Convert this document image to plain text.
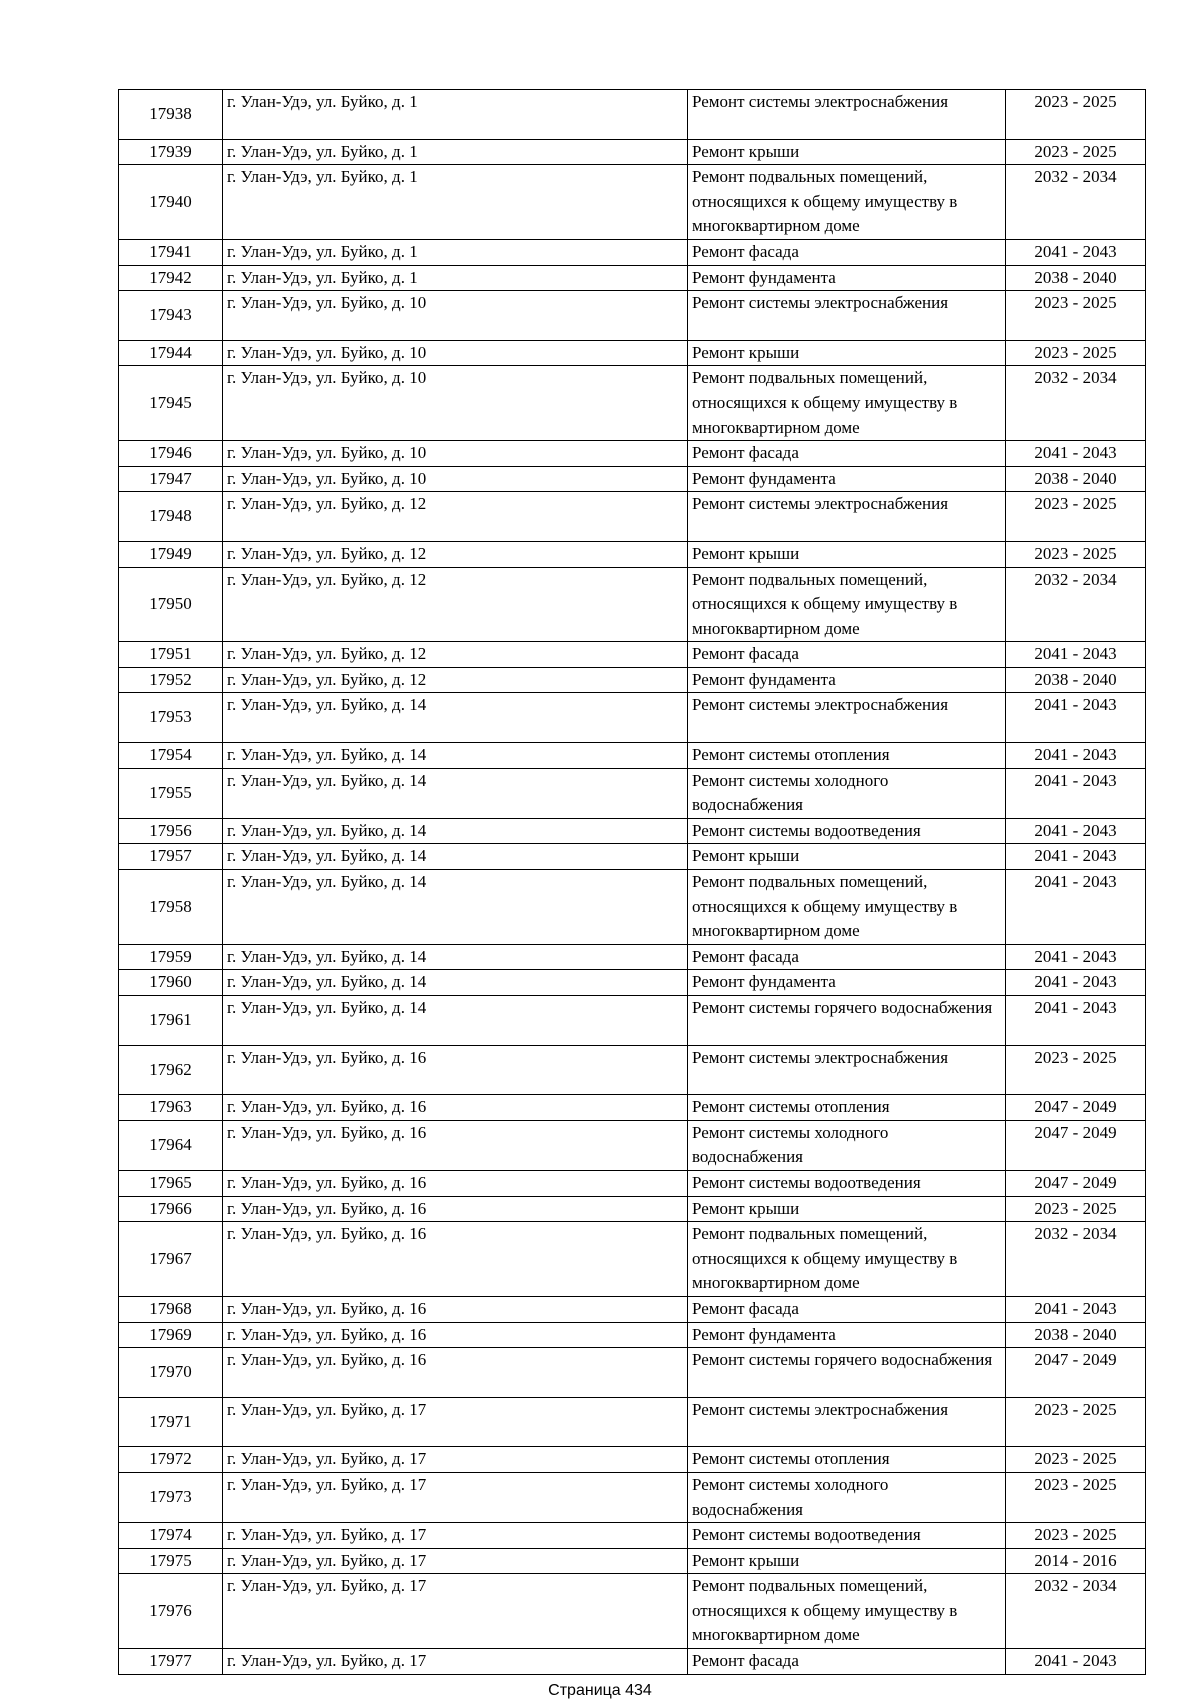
17938	г. Улан-Удэ, ул. Буйко, д. 1	Ремонт системы электроснабжения	2023 - 2025
17939	г. Улан-Удэ, ул. Буйко, д. 1	Ремонт крыши	2023 - 2025
17940	г. Улан-Удэ, ул. Буйко, д. 1	Ремонт подвальных помещений, относящихся к общему имуществу в многоквартирном доме	2032 - 2034
17941	г. Улан-Удэ, ул. Буйко, д. 1	Ремонт фасада	2041 - 2043
17942	г. Улан-Удэ, ул. Буйко, д. 1	Ремонт фундамента	2038 - 2040
17943	г. Улан-Удэ, ул. Буйко, д. 10	Ремонт системы электроснабжения	2023 - 2025
17944	г. Улан-Удэ, ул. Буйко, д. 10	Ремонт крыши	2023 - 2025
17945	г. Улан-Удэ, ул. Буйко, д. 10	Ремонт подвальных помещений, относящихся к общему имуществу в многоквартирном доме	2032 - 2034
17946	г. Улан-Удэ, ул. Буйко, д. 10	Ремонт фасада	2041 - 2043
17947	г. Улан-Удэ, ул. Буйко, д. 10	Ремонт фундамента	2038 - 2040
17948	г. Улан-Удэ, ул. Буйко, д. 12	Ремонт системы электроснабжения	2023 - 2025
17949	г. Улан-Удэ, ул. Буйко, д. 12	Ремонт крыши	2023 - 2025
17950	г. Улан-Удэ, ул. Буйко, д. 12	Ремонт подвальных помещений, относящихся к общему имуществу в многоквартирном доме	2032 - 2034
17951	г. Улан-Удэ, ул. Буйко, д. 12	Ремонт фасада	2041 - 2043
17952	г. Улан-Удэ, ул. Буйко, д. 12	Ремонт фундамента	2038 - 2040
17953	г. Улан-Удэ, ул. Буйко, д. 14	Ремонт системы электроснабжения	2041 - 2043
17954	г. Улан-Удэ, ул. Буйко, д. 14	Ремонт системы отопления	2041 - 2043
17955	г. Улан-Удэ, ул. Буйко, д. 14	Ремонт системы холодного водоснабжения	2041 - 2043
17956	г. Улан-Удэ, ул. Буйко, д. 14	Ремонт системы водоотведения	2041 - 2043
17957	г. Улан-Удэ, ул. Буйко, д. 14	Ремонт крыши	2041 - 2043
17958	г. Улан-Удэ, ул. Буйко, д. 14	Ремонт подвальных помещений, относящихся к общему имуществу в многоквартирном доме	2041 - 2043
17959	г. Улан-Удэ, ул. Буйко, д. 14	Ремонт фасада	2041 - 2043
17960	г. Улан-Удэ, ул. Буйко, д. 14	Ремонт фундамента	2041 - 2043
17961	г. Улан-Удэ, ул. Буйко, д. 14	Ремонт системы горячего водоснабжения	2041 - 2043
17962	г. Улан-Удэ, ул. Буйко, д. 16	Ремонт системы электроснабжения	2023 - 2025
17963	г. Улан-Удэ, ул. Буйко, д. 16	Ремонт системы отопления	2047 - 2049
17964	г. Улан-Удэ, ул. Буйко, д. 16	Ремонт системы холодного водоснабжения	2047 - 2049
17965	г. Улан-Удэ, ул. Буйко, д. 16	Ремонт системы водоотведения	2047 - 2049
17966	г. Улан-Удэ, ул. Буйко, д. 16	Ремонт крыши	2023 - 2025
17967	г. Улан-Удэ, ул. Буйко, д. 16	Ремонт подвальных помещений, относящихся к общему имуществу в многоквартирном доме	2032 - 2034
17968	г. Улан-Удэ, ул. Буйко, д. 16	Ремонт фасада	2041 - 2043
17969	г. Улан-Удэ, ул. Буйко, д. 16	Ремонт фундамента	2038 - 2040
17970	г. Улан-Удэ, ул. Буйко, д. 16	Ремонт системы горячего водоснабжения	2047 - 2049
17971	г. Улан-Удэ, ул. Буйко, д. 17	Ремонт системы электроснабжения	2023 - 2025
17972	г. Улан-Удэ, ул. Буйко, д. 17	Ремонт системы отопления	2023 - 2025
17973	г. Улан-Удэ, ул. Буйко, д. 17	Ремонт системы холодного водоснабжения	2023 - 2025
17974	г. Улан-Удэ, ул. Буйко, д. 17	Ремонт системы водоотведения	2023 - 2025
17975	г. Улан-Удэ, ул. Буйко, д. 17	Ремонт крыши	2014 - 2016
17976	г. Улан-Удэ, ул. Буйко, д. 17	Ремонт подвальных помещений, относящихся к общему имуществу в многоквартирном доме	2032 - 2034
17977	г. Улан-Удэ, ул. Буйко, д. 17	Ремонт фасада	2041 - 2043
Страница 434
